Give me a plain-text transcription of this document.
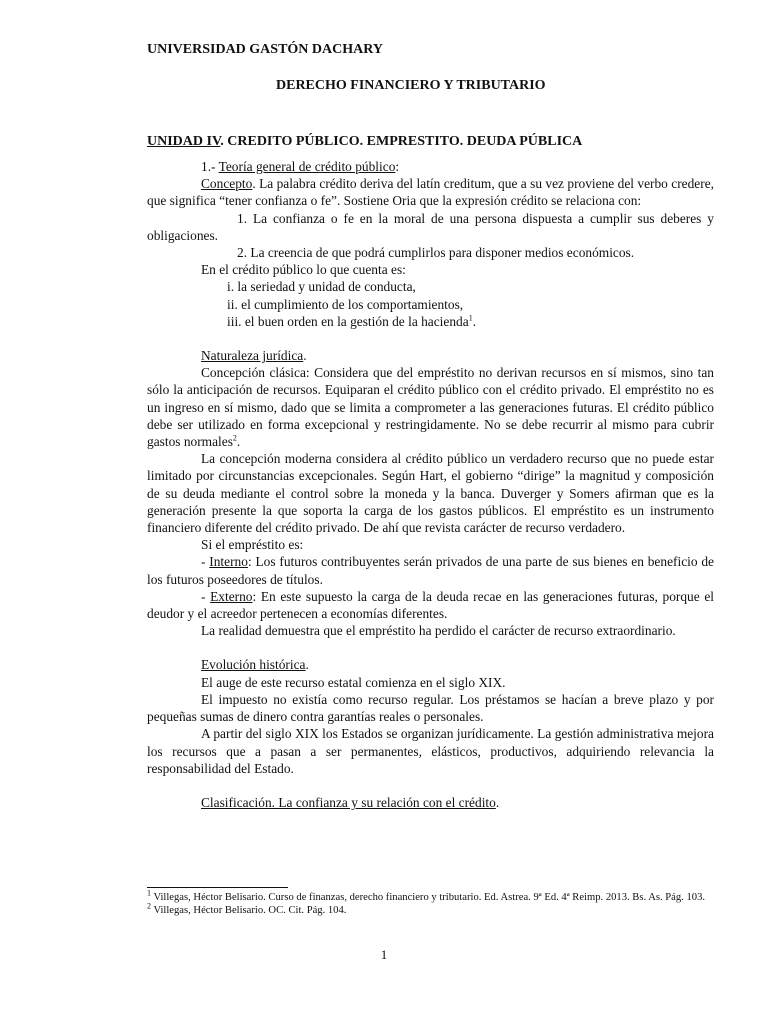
UNIVERSIDAD GASTÓN DACHARY
DERECHO FINANCIERO Y TRIBUTARIO
UNIDAD IV. CREDITO PÚBLICO. EMPRESTITO. DEUDA PÚBLICA

1.- Teoría general de crédito público:

Concepto. La palabra crédito deriva del latín creditum, que a su vez proviene del verbo credere, que significa “tener confianza o fe”. Sostiene Oria que la expresión crédito se relaciona con:

1. La confianza o fe en la moral de una persona dispuesta a cumplir sus deberes y obligaciones.

2. La creencia de que podrá cumplirlos para disponer medios económicos.

En el crédito público lo que cuenta es:

i. la seriedad y unidad de conducta,

ii. el cumplimiento de los comportamientos,

iii. el buen orden en la gestión de la hacienda$^1$.

Naturaleza jurídica.

Concepción clásica: Considera que del empréstito no derivan recursos en sí mismos, sino tan sólo la anticipación de recursos. Equiparan el crédito público con el crédito privado. El empréstito no es un ingreso en sí mismo, dado que se limita a comprometer a las generaciones futuras. El crédito público debe ser utilizado en forma excepcional y restringidamente. No se debe recurrir al mismo para cubrir gastos normales$^2$.

La concepción moderna considera al crédito público un verdadero recurso que no puede estar limitado por circunstancias excepcionales. Según Hart, el gobierno “dirige” la magnitud y composición de su deuda mediante el control sobre la moneda y la banca. Duverger y Somers afirman que es la generación presente la que soporta la carga de los gastos públicos. El empréstito es un instrumento financiero diferente del crédito privado. De ahí que revista carácter de recurso verdadero.

Si el empréstito es:

- Interno: Los futuros contribuyentes serán privados de una parte de sus bienes en beneficio de los futuros poseedores de títulos.

- Externo: En este supuesto la carga de la deuda recae en las generaciones futuras, porque el deudor y el acreedor pertenecen a economías diferentes.

La realidad demuestra que el empréstito ha perdido el carácter de recurso extraordinario.

Evolución histórica.

El auge de este recurso estatal comienza en el siglo XIX.

El impuesto no existía como recurso regular. Los préstamos se hacían a breve plazo y por pequeñas sumas de dinero contra garantías reales o personales.

A partir del siglo XIX los Estados se organizan jurídicamente. La gestión administrativa mejora los recursos que a pasan a ser permanentes, elásticos, productivos, adquiriendo relevancia la responsabilidad del Estado.

Clasificación. La confianza y su relación con el crédito.

$^1$ Villegas, Héctor Belisario. Curso de finanzas, derecho financiero y tributario. Ed. Astrea. 9ª Ed. 4ª Reimp. 2013. Bs. As. Pág. 103.

$^2$ Villegas, Héctor Belisario. OC. Cit. Pág. 104.

1
